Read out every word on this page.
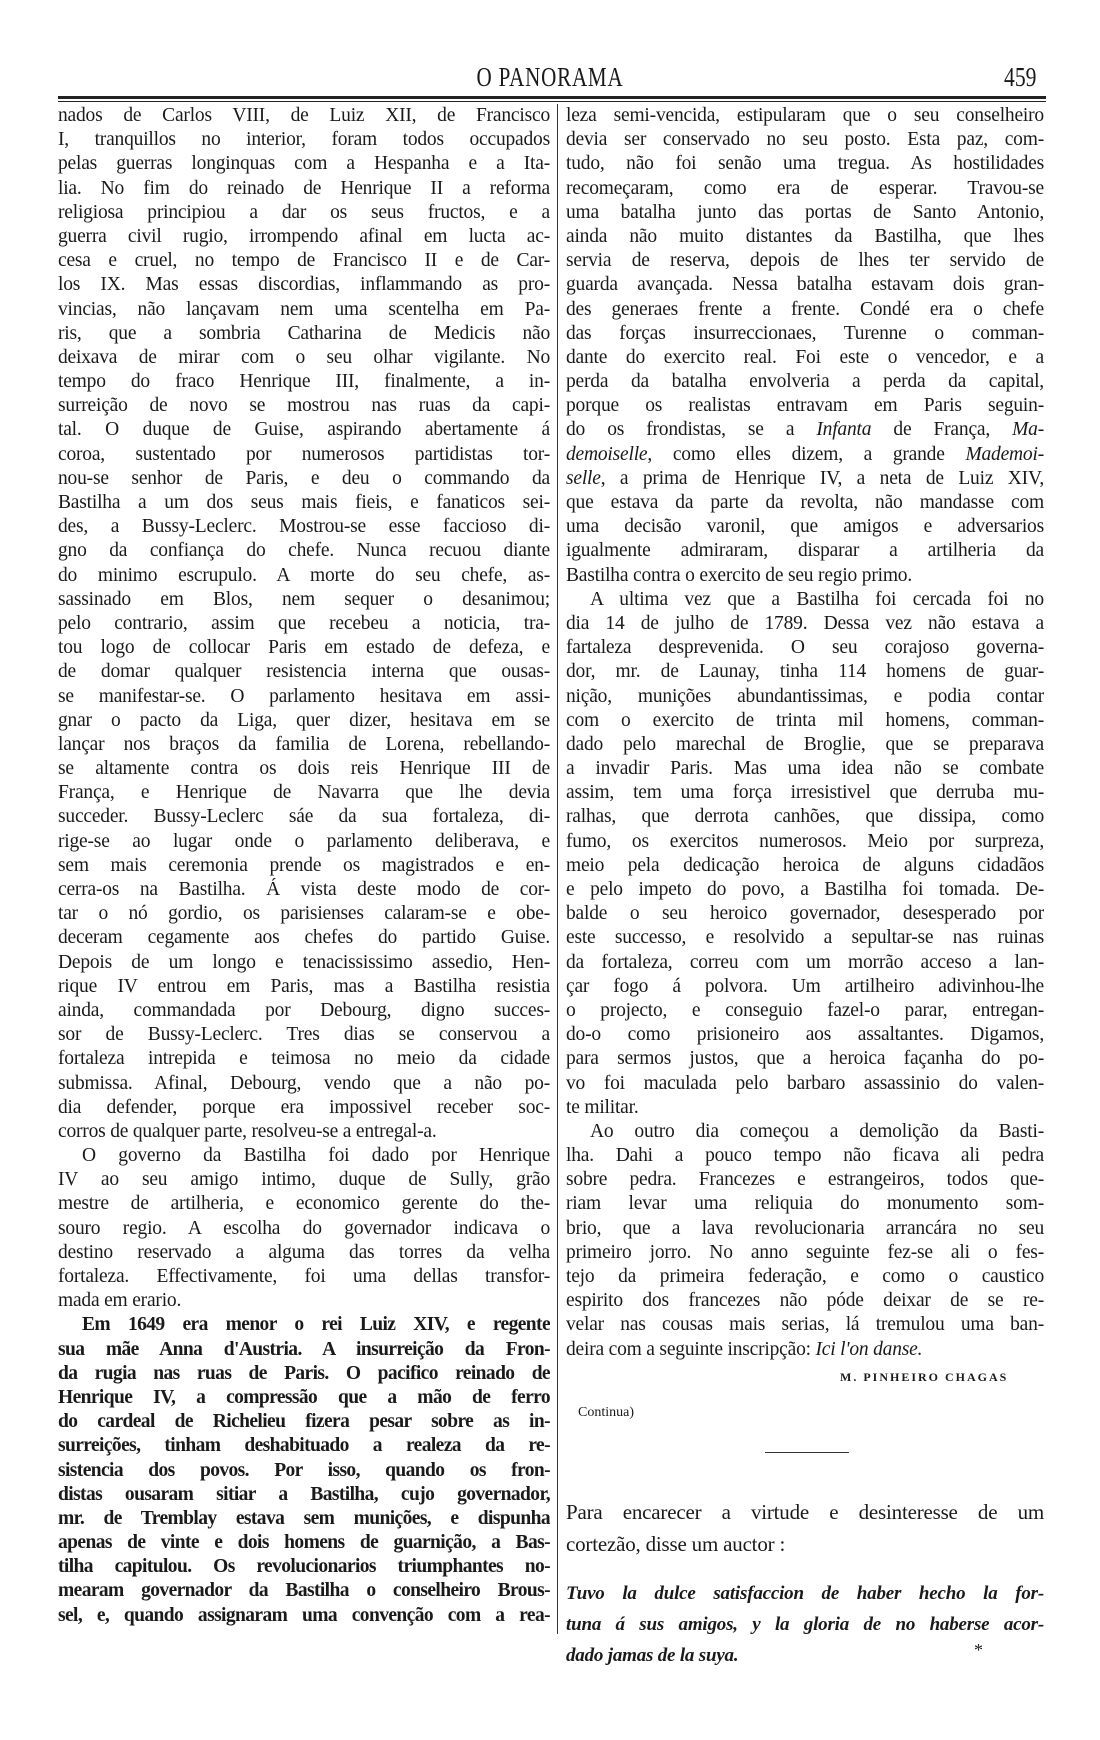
O PANORAMA	459
nados de Carlos VIII, de Luiz XII, de Francisco
I, tranquillos no interior, foram todos occupados
pelas guerras longinquas com a Hespanha e a Ita-
lia. No fim do reinado de Henrique II a reforma
religiosa principiou a dar os seus fructos, e a
guerra civil rugio, irrompendo afinal em lucta ac-
cesa e cruel, no tempo de Francisco II e de Car-
los IX. Mas essas discordias, inflammando as pro-
vincias, não lançavam nem uma scentelha em Pa-
ris, que a sombria Catharina de Medicis não
deixava de mirar com o seu olhar vigilante. No
tempo do fraco Henrique III, finalmente, a in-
surreição de novo se mostrou nas ruas da capi-
tal. O duque de Guise, aspirando abertamente á
coroa, sustentado por numerosos partidistas tor-
nou-se senhor de Paris, e deu o commando da
Bastilha a um dos seus mais fieis, e fanaticos sei-
des, a Bussy-Leclerc. Mostrou-se esse faccioso di-
gno da confiança do chefe. Nunca recuou diante
do minimo escrupulo. A morte do seu chefe, as-
sassinado em Blos, nem sequer o desanimou;
pelo contrario, assim que recebeu a noticia, tra-
tou logo de collocar Paris em estado de defeza, e
de domar qualquer resistencia interna que ousas-
se manifestar-se. O parlamento hesitava em assi-
gnar o pacto da Liga, quer dizer, hesitava em se
lançar nos braços da familia de Lorena, rebellando-
se altamente contra os dois reis Henrique III de
França, e Henrique de Navarra que lhe devia
succeder. Bussy-Leclerc sáe da sua fortaleza, di-
rige-se ao lugar onde o parlamento deliberava, e
sem mais ceremonia prende os magistrados e en-
cerra-os na Bastilha. Á vista deste modo de cor-
tar o nó gordio, os parisienses calaram-se e obe-
deceram cegamente aos chefes do partido Guise.
Depois de um longo e tenacississimo assedio, Hen-
rique IV entrou em Paris, mas a Bastilha resistia
ainda, commandada por Debourg, digno succes-
sor de Bussy-Leclerc. Tres dias se conservou a
fortaleza intrepida e teimosa no meio da cidade
submissa. Afinal, Debourg, vendo que a não po-
dia defender, porque era impossivel receber soc-
corros de qualquer parte, resolveu-se a entregal-a.
O governo da Bastilha foi dado por Henrique
IV ao seu amigo intimo, duque de Sully, grão
mestre de artilheria, e economico gerente do the-
souro regio. A escolha do governador indicava o
destino reservado a alguma das torres da velha
fortaleza. Effectivamente, foi uma dellas transfor-
mada em erario.
Em 1649 era menor o rei Luiz XIV, e regente
sua mãe Anna d'Austria. A insurreição da Fron-
da rugia nas ruas de Paris. O pacifico reinado de
Henrique IV, a compressão que a mão de ferro
do cardeal de Richelieu fizera pesar sobre as in-
surreições, tinham deshabituado a realeza da re-
sistencia dos povos. Por isso, quando os fron-
distas ousaram sitiar a Bastilha, cujo governador,
mr. de Tremblay estava sem munições, e dispunha
apenas de vinte e dois homens de guarnição, a Bas-
tilha capitulou. Os revolucionarios triumphantes no-
mearam governador da Bastilha o conselheiro Brous-
sel, e, quando assignaram uma convenção com a rea-
leza semi-vencida, estipularam que o seu conselheiro
devia ser conservado no seu posto. Esta paz, com-
tudo, não foi senão uma tregua. As hostilidades
recomeçaram, como era de esperar. Travou-se
uma batalha junto das portas de Santo Antonio,
ainda não muito distantes da Bastilha, que lhes
servia de reserva, depois de lhes ter servido de
guarda avançada. Nessa batalha estavam dois gran-
des generaes frente a frente. Condé era o chefe
das forças insurreccionaes, Turenne o comman-
dante do exercito real. Foi este o vencedor, e a
perda da batalha envolveria a perda da capital,
porque os realistas entravam em Paris seguin-
do os frondistas, se a Infanta de França, Ma-
demoiselle, como elles dizem, a grande Mademoi-
selle, a prima de Henrique IV, a neta de Luiz XIV,
que estava da parte da revolta, não mandasse com
uma decisão varonil, que amigos e adversarios
igualmente admiraram, disparar a artilheria da
Bastilha contra o exercito de seu regio primo.
A ultima vez que a Bastilha foi cercada foi no
dia 14 de julho de 1789. Dessa vez não estava a
fartaleza desprevenida. O seu corajoso governa-
dor, mr. de Launay, tinha 114 homens de guar-
nição, munições abundantissimas, e podia contar
com o exercito de trinta mil homens, comman-
dado pelo marechal de Broglie, que se preparava
a invadir Paris. Mas uma idea não se combate
assim, tem uma força irresistivel que derruba mu-
ralhas, que derrota canhões, que dissipa, como
fumo, os exercitos numerosos. Meio por surpreza,
meio pela dedicação heroica de alguns cidadãos
e pelo impeto do povo, a Bastilha foi tomada. De-
balde o seu heroico governador, desesperado por
este successo, e resolvido a sepultar-se nas ruinas
da fortaleza, correu com um morrão acceso a lan-
çar fogo á polvora. Um artilheiro adivinhou-lhe
o projecto, e conseguio fazel-o parar, entregan-
do-o como prisioneiro aos assaltantes. Digamos,
para sermos justos, que a heroica façanha do po-
vo foi maculada pelo barbaro assassinio do valen-
te militar.
Ao outro dia começou a demolição da Basti-
lha. Dahi a pouco tempo não ficava ali pedra
sobre pedra. Francezes e estrangeiros, todos que-
riam levar uma reliquia do monumento som-
brio, que a lava revolucionaria arrancára no seu
primeiro jorro. No anno seguinte fez-se ali o fes-
tejo da primeira federação, e como o caustico
espirito dos francezes não póde deixar de se re-
velar nas cousas mais serias, lá tremulou uma ban-
deira com a seguinte inscripção: Ici l'on danse.
M. PINHEIRO CHAGAS
Continua)
Para encarecer a virtude e desinteresse de um
cortezão, disse um auctor :
Tuvo la dulce satisfaccion de haber hecho la for-
tuna á sus amigos, y la gloria de no haberse acor-
dado jamas de la suya.	*
